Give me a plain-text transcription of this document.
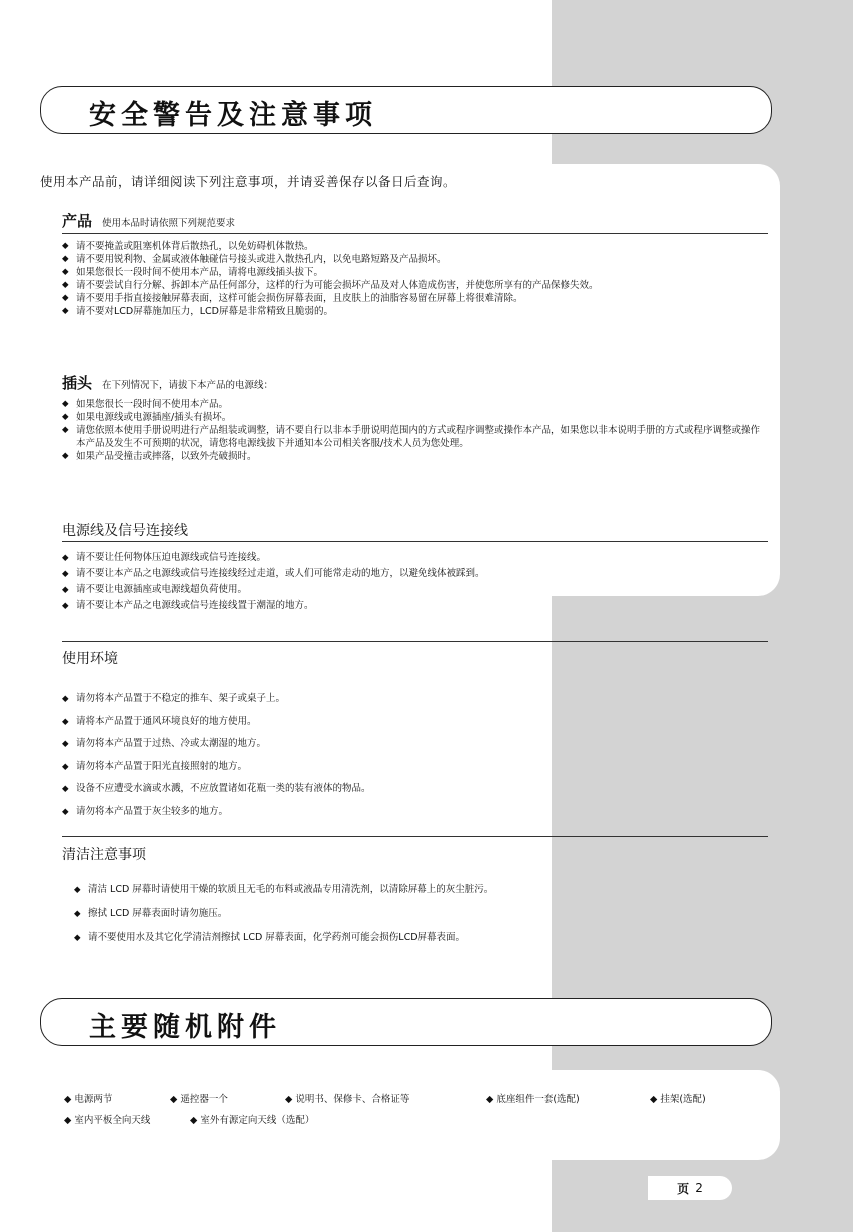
安全警告及注意事项
使用本产品前，请详细阅读下列注意事项，并请妥善保存以备日后查询。
产品 使用本品时请依照下列规范要求
◆ 请不要掩盖或阻塞机体背后散热孔，以免妨碍机体散热。
◆ 请不要用锐利物、金属或液体触碰信号接头或进入散热孔内，以免电路短路及产品损坏。
◆ 如果您很长一段时间不使用本产品，请将电源线插头拔下。
◆ 请不要尝试自行分解、拆卸本产品任何部分，这样的行为可能会损坏产品及对人体造成伤害，并使您所享有的产品保修失效。
◆ 请不要用手指直接接触屏幕表面，这样可能会损伤屏幕表面，且皮肤上的油脂容易留在屏幕上将很难清除。
◆ 请不要对LCD屏幕施加压力，LCD屏幕是非常精致且脆弱的。
插头 在下列情况下，请拔下本产品的电源线：
◆ 如果您很长一段时间不使用本产品。
◆ 如果电源线或电源插座/插头有损坏。
◆ 请您依照本使用手册说明进行产品组装或调整，请不要自行以非本手册说明范围内的方式或程序调整或操作本产品，如果您以非本说明手册的方式或程序调整或操作本产品及发生不可预期的状况，请您将电源线拔下并通知本公司相关客服/技术人员为您处理。
◆ 如果产品受撞击或摔落，以致外壳破损时。
电源线及信号连接线
◆ 请不要让任何物体压迫电源线或信号连接线。
◆ 请不要让本产品之电源线或信号连接线经过走道，或人们可能常走动的地方，以避免线体被踩到。
◆ 请不要让电源插座或电源线超负荷使用。
◆ 请不要让本产品之电源线或信号连接线置于潮湿的地方。
使用环境
◆ 请勿将本产品置于不稳定的推车、架子或桌子上。
◆ 请将本产品置于通风环境良好的地方使用。
◆ 请勿将本产品置于过热、冷或太潮湿的地方。
◆ 请勿将本产品置于阳光直接照射的地方。
◆ 设备不应遭受水滴或水溅，不应放置诸如花瓶一类的装有液体的物品。
◆ 请勿将本产品置于灰尘较多的地方。
清洁注意事项
◆ 清洁 LCD 屏幕时请使用干燥的软质且无毛的布料或液晶专用清洗剂，以清除屏幕上的灰尘脏污。
◆ 擦拭 LCD 屏幕表面时请勿施压。
◆ 请不要使用水及其它化学清洁剂擦拭 LCD 屏幕表面，化学药剂可能会损伤LCD屏幕表面。
主要随机附件
◆ 电源两节	◆ 遥控器一个	◆ 说明书、保修卡、合格证等	◆ 底座组件一套(选配)	◆ 挂架(选配)
◆ 室内平板全向天线	◆ 室外有源定向天线（选配）
页 2
